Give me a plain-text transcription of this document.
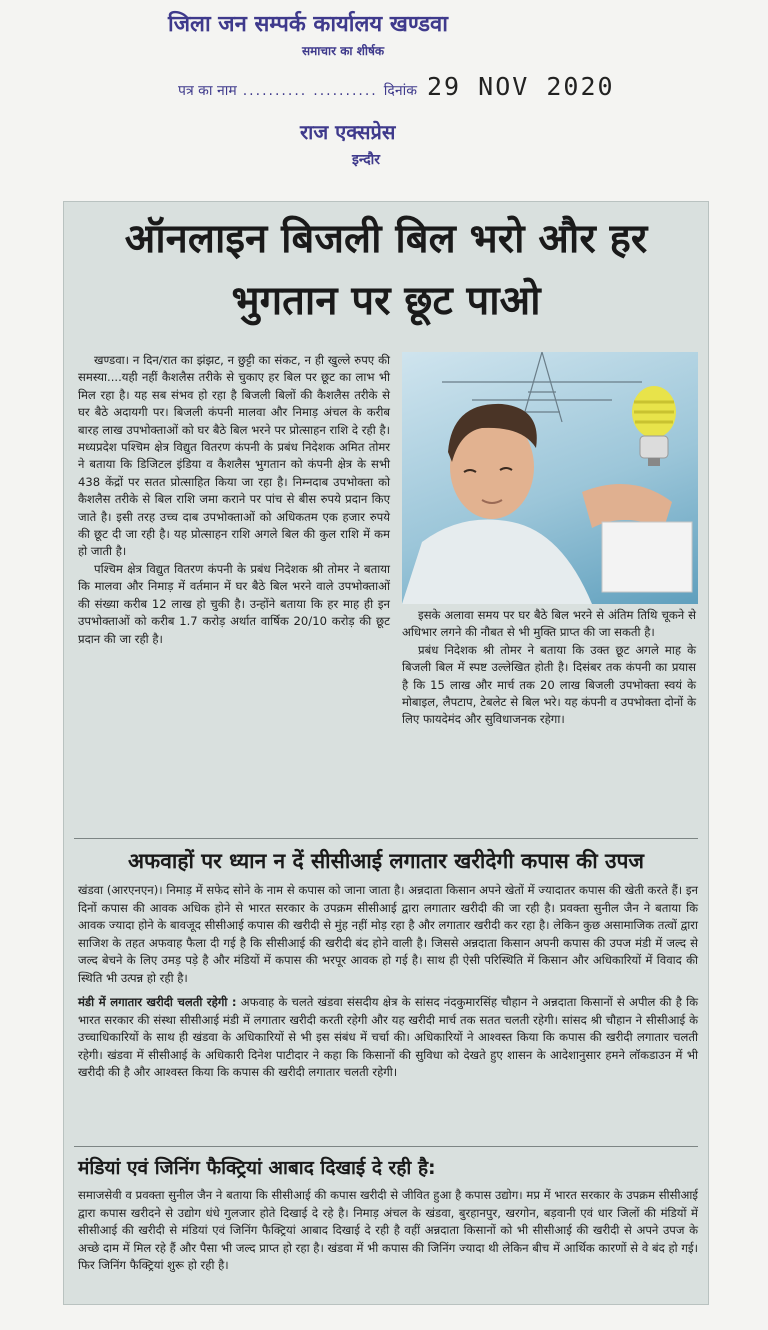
जिला जन सम्पर्क कार्यालय खण्डवा
समाचार का शीर्षक
पत्र का नाम .......... .......... दिनांक 29 NOV 2020
राज एक्सप्रेस
इन्दौर
ऑनलाइन बिजली बिल भरो और हर
भुगतान पर छूट पाओ

खण्डवा। न दिन/रात का झंझट, न छुट्टी का संकट, न ही खुल्ले रुपए की समस्या....यही नहीं कैशलैस तरीके से चुकाए हर बिल पर छूट का लाभ भी मिल रहा है। यह सब संभव हो रहा है बिजली बिलों की कैशलैस तरीके से घर बैठे अदायगी पर। बिजली कंपनी मालवा और निमाड़ अंचल के करीब बारह लाख उपभोक्ताओं को घर बैठे बिल भरने पर प्रोत्साहन राशि दे रही है। मध्यप्रदेश पश्चिम क्षेत्र विद्युत वितरण कंपनी के प्रबंध निदेशक अमित तोमर ने बताया कि डिजिटल इंडिया व कैशलैस भुगतान को कंपनी क्षेत्र के सभी 438 केंद्रों पर सतत प्रोत्साहित किया जा रहा है। निम्नदाब उपभोक्ता को कैशलैस तरीके से बिल राशि जमा कराने पर पांच से बीस रुपये प्रदान किए जाते है। इसी तरह उच्च दाब उपभोक्ताओं को अधिकतम एक हजार रुपये की छूट दी जा रही है। यह प्रोत्साहन राशि अगले बिल की कुल राशि में कम हो जाती है।

पश्चिम क्षेत्र विद्युत वितरण कंपनी के प्रबंध निदेशक श्री तोमर ने बताया कि मालवा और निमाड़ में वर्तमान में घर बैठे बिल भरने वाले उपभोक्ताओं की संख्या करीब 12 लाख हो चुकी है। उन्होंने बताया कि हर माह ही इन उपभोक्ताओं को करीब 1.7 करोड़ अर्थात वार्षिक 20/10 करोड़ की छूट प्रदान की जा रही है।

इसके अलावा समय पर घर बैठे बिल भरने से अंतिम तिथि चूकने से अधिभार लगने की नौबत से भी मुक्ति प्राप्त की जा सकती है।

प्रबंध निदेशक श्री तोमर ने बताया कि उक्त छूट अगले माह के बिजली बिल में स्पष्ट उल्लेखित होती है। दिसंबर तक कंपनी का प्रयास है कि 15 लाख और मार्च तक 20 लाख बिजली उपभोक्ता स्वयं के मोबाइल, लैपटाप, टेबलेट से बिल भरे। यह कंपनी व उपभोक्ता दोनों के लिए फायदेमंद और सुविधाजनक रहेगा।

अफवाहों पर ध्यान न दें सीसीआई लगातार खरीदेगी कपास की उपज
खंडवा (आरएनएन)। निमाड़ में सफेद सोने के नाम से कपास को जाना जाता है। अन्नदाता किसान अपने खेतों में ज्यादातर कपास की खेती करते हैं। इन दिनों कपास की आवक अधिक होने से भारत सरकार के उपक्रम सीसीआई द्वारा लगातार खरीदी की जा रही है। प्रवक्ता सुनील जैन ने बताया कि आवक ज्यादा होने के बावजूद सीसीआई कपास की खरीदी से मुंह नहीं मोड़ रहा है और लगातार खरीदी कर रहा है। लेकिन कुछ असामाजिक तत्वों द्वारा साजिश के तहत अफवाह फैला दी गई है कि सीसीआई की खरीदी बंद होने वाली है। जिससे अन्नदाता किसान अपनी कपास की उपज मंडी में जल्द से जल्द बेचने के लिए उमड़ पड़े है और मंडियों में कपास की भरपूर आवक हो गई है। साथ ही ऐसी परिस्थिति में किसान और अधिकारियों में विवाद की स्थिति भी उत्पन्न हो रही है।
मंडी में लगातार खरीदी चलती रहेगी : अफवाह के चलते खंडवा संसदीय क्षेत्र के सांसद नंदकुमारसिंह चौहान ने अन्नदाता किसानों से अपील की है कि भारत सरकार की संस्था सीसीआई मंडी में लगातार खरीदी करती रहेगी और यह खरीदी मार्च तक सतत चलती रहेगी। सांसद श्री चौहान ने सीसीआई के उच्चाधिकारियों के साथ ही खंडवा के अधिकारियों से भी इस संबंध में चर्चा की। अधिकारियों ने आश्वस्त किया कि कपास की खरीदी लगातार चलती रहेगी। खंडवा में सीसीआई के अधिकारी दिनेश पाटीदार ने कहा कि किसानों की सुविधा को देखते हुए शासन के आदेशानुसार हमने लॉकडाउन में भी खरीदी की है और आश्वस्त किया कि कपास की खरीदी लगातार चलती रहेगी।
मंडियां एवं जिनिंग फैक्ट्रियां आबाद दिखाई दे रही है:
समाजसेवी व प्रवक्ता सुनील जैन ने बताया कि सीसीआई की कपास खरीदी से जीवित हुआ है कपास उद्योग। मप्र में भारत सरकार के उपक्रम सीसीआई द्वारा कपास खरीदने से उद्योग धंधे गुलजार होते दिखाई दे रहे है। निमाड़ अंचल के खंडवा, बुरहानपुर, खरगोन, बड़वानी एवं धार जिलों की मंडियों में सीसीआई की खरीदी से मंडियां एवं जिनिंग फैक्ट्रियां आबाद दिखाई दे रही है वहीं अन्नदाता किसानों को भी सीसीआई की खरीदी से अपने उपज के अच्छे दाम में मिल रहे हैं और पैसा भी जल्द प्राप्त हो रहा है। खंडवा में भी कपास की जिनिंग ज्यादा थी लेकिन बीच में आर्थिक कारणों से वे बंद हो गई। फिर जिनिंग फैक्ट्रियां शुरू हो रही है।
